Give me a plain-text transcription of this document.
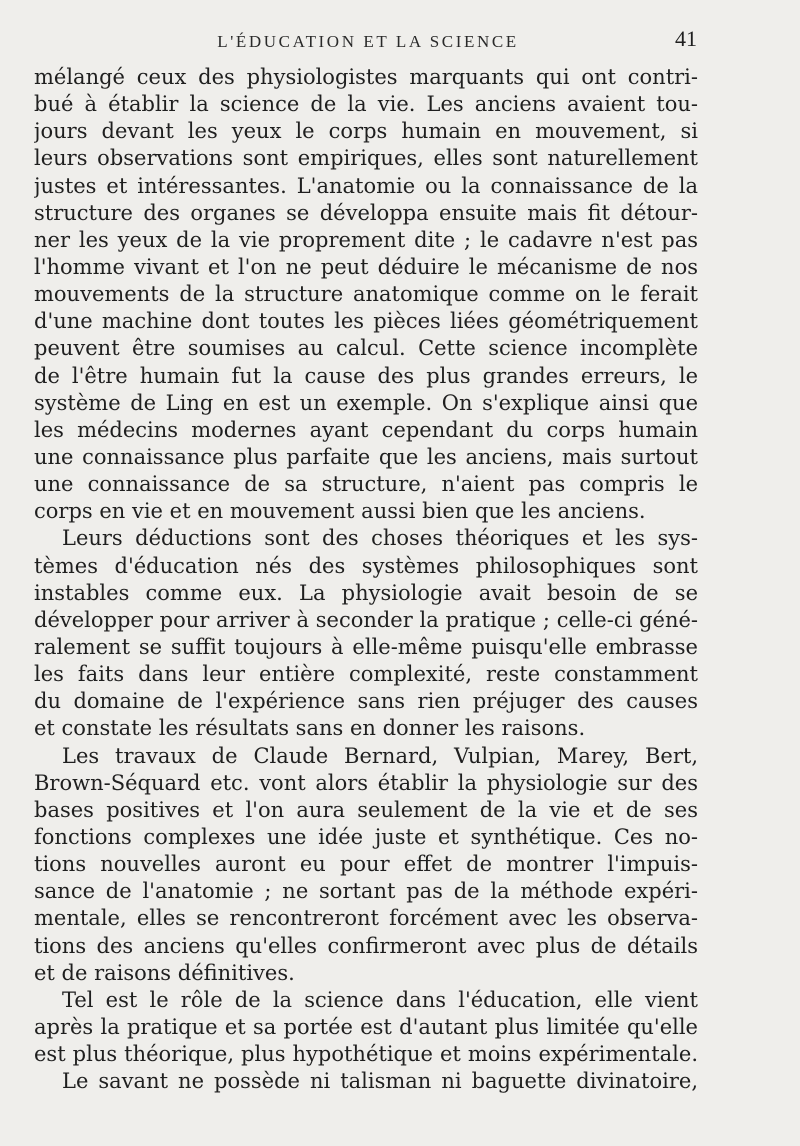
L'ÉDUCATION ET LA SCIENCE	41
mélangé ceux des physiologistes marquants qui ont contri-
bué à établir la science de la vie. Les anciens avaient tou-
jours devant les yeux le corps humain en mouvement, si
leurs observations sont empiriques, elles sont naturellement
justes et intéressantes. L'anatomie ou la connaissance de la
structure des organes se développa ensuite mais fit détour-
ner les yeux de la vie proprement dite ; le cadavre n'est pas
l'homme vivant et l'on ne peut déduire le mécanisme de nos
mouvements de la structure anatomique comme on le ferait
d'une machine dont toutes les pièces liées géométriquement
peuvent être soumises au calcul. Cette science incomplète
de l'être humain fut la cause des plus grandes erreurs, le
système de Ling en est un exemple. On s'explique ainsi que
les médecins modernes ayant cependant du corps humain
une connaissance plus parfaite que les anciens, mais surtout
une connaissance de sa structure, n'aient pas compris le
corps en vie et en mouvement aussi bien que les anciens.
Leurs déductions sont des choses théoriques et les sys-
tèmes d'éducation nés des systèmes philosophiques sont
instables comme eux. La physiologie avait besoin de se
développer pour arriver à seconder la pratique ; celle-ci géné-
ralement se suffit toujours à elle-même puisqu'elle embrasse
les faits dans leur entière complexité, reste constamment
du domaine de l'expérience sans rien préjuger des causes
et constate les résultats sans en donner les raisons.
Les travaux de Claude Bernard, Vulpian, Marey, Bert,
Brown-Séquard etc. vont alors établir la physiologie sur des
bases positives et l'on aura seulement de la vie et de ses
fonctions complexes une idée juste et synthétique. Ces no-
tions nouvelles auront eu pour effet de montrer l'impuis-
sance de l'anatomie ; ne sortant pas de la méthode expéri-
mentale, elles se rencontreront forcément avec les observa-
tions des anciens qu'elles confirmeront avec plus de détails
et de raisons définitives.
Tel est le rôle de la science dans l'éducation, elle vient
après la pratique et sa portée est d'autant plus limitée qu'elle
est plus théorique, plus hypothétique et moins expérimentale.
Le savant ne possède ni talisman ni baguette divinatoire,
